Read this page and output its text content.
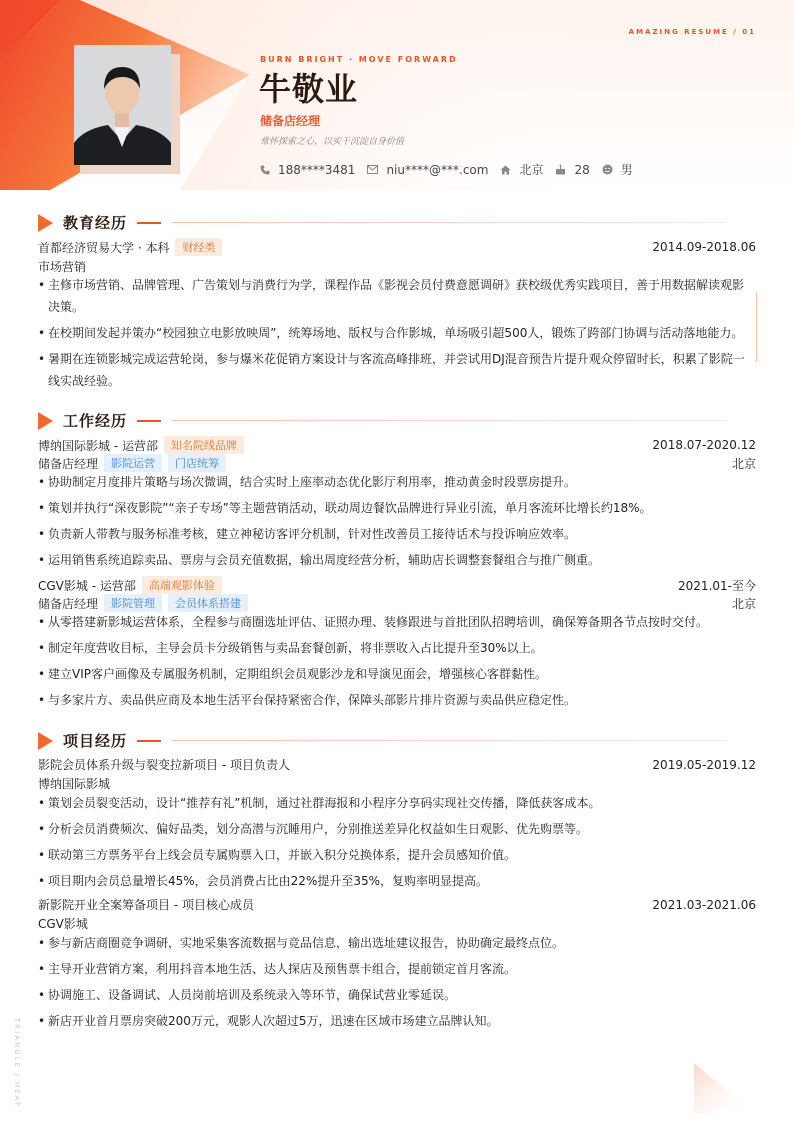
AMAZING RESUME / 01
BURN BRIGHT · MOVE FORWARD
牛敬业
储备店经理
常怀探索之心，以实干沉淀自身价值
188****3481	niu****@***.com	北京	28	男
教育经历
首都经济贸易大学 · 本科	财经类	2014.09-2018.06
市场营销
• 主修市场营销、品牌管理、广告策划与消费行为学，课程作品《影视会员付费意愿调研》获校级优秀实践项目，善于用数据解读观影决策。
• 在校期间发起并策办“校园独立电影放映周”，统筹场地、版权与合作影城，单场吸引超500人，锻炼了跨部门协调与活动落地能力。
• 暑期在连锁影城完成运营轮岗，参与爆米花促销方案设计与客流高峰排班，并尝试用DJ混音预告片提升观众停留时长，积累了影院一线实战经验。
工作经历
博纳国际影城 - 运营部	知名院线品牌	2018.07-2020.12
储备店经理	影院运营	门店统筹	北京
• 协助制定月度排片策略与场次微调，结合实时上座率动态优化影厅利用率，推动黄金时段票房提升。
• 策划并执行“深夜影院”“亲子专场”等主题营销活动，联动周边餐饮品牌进行异业引流，单月客流环比增长约18%。
• 负责新人带教与服务标准考核，建立神秘访客评分机制，针对性改善员工接待话术与投诉响应效率。
• 运用销售系统追踪卖品、票房与会员充值数据，输出周度经营分析，辅助店长调整套餐组合与推广侧重。
CGV影城 - 运营部	高端观影体验	2021.01-至今
储备店经理	影院管理	会员体系搭建	北京
• 从零搭建新影城运营体系，全程参与商圈选址评估、证照办理、装修跟进与首批团队招聘培训，确保筹备期各节点按时交付。
• 制定年度营收目标，主导会员卡分级销售与卖品套餐创新，将非票收入占比提升至30%以上。
• 建立VIP客户画像及专属服务机制，定期组织会员观影沙龙和导演见面会，增强核心客群黏性。
• 与多家片方、卖品供应商及本地生活平台保持紧密合作，保障头部影片排片资源与卖品供应稳定性。
项目经历
影院会员体系升级与裂变拉新项目 - 项目负责人	2019.05-2019.12
博纳国际影城
• 策划会员裂变活动，设计“推荐有礼”机制，通过社群海报和小程序分享码实现社交传播，降低获客成本。
• 分析会员消费频次、偏好品类，划分高潜与沉睡用户，分别推送差异化权益如生日观影、优先购票等。
• 联动第三方票务平台上线会员专属购票入口，并嵌入积分兑换体系，提升会员感知价值。
• 项目期内会员总量增长45%，会员消费占比由22%提升至35%，复购率明显提高。
新影院开业全案筹备项目 - 项目核心成员	2021.03-2021.06
CGV影城
• 参与新店商圈竞争调研，实地采集客流数据与竞品信息，输出选址建议报告，协助确定最终点位。
• 主导开业营销方案，利用抖音本地生活、达人探店及预售票卡组合，提前锁定首月客流。
• 协调施工、设备调试、人员岗前培训及系统录入等环节，确保试营业零延误。
• 新店开业首月票房突破200万元，观影人次超过5万，迅速在区域市场建立品牌认知。
TRIANGLE / HEAT
